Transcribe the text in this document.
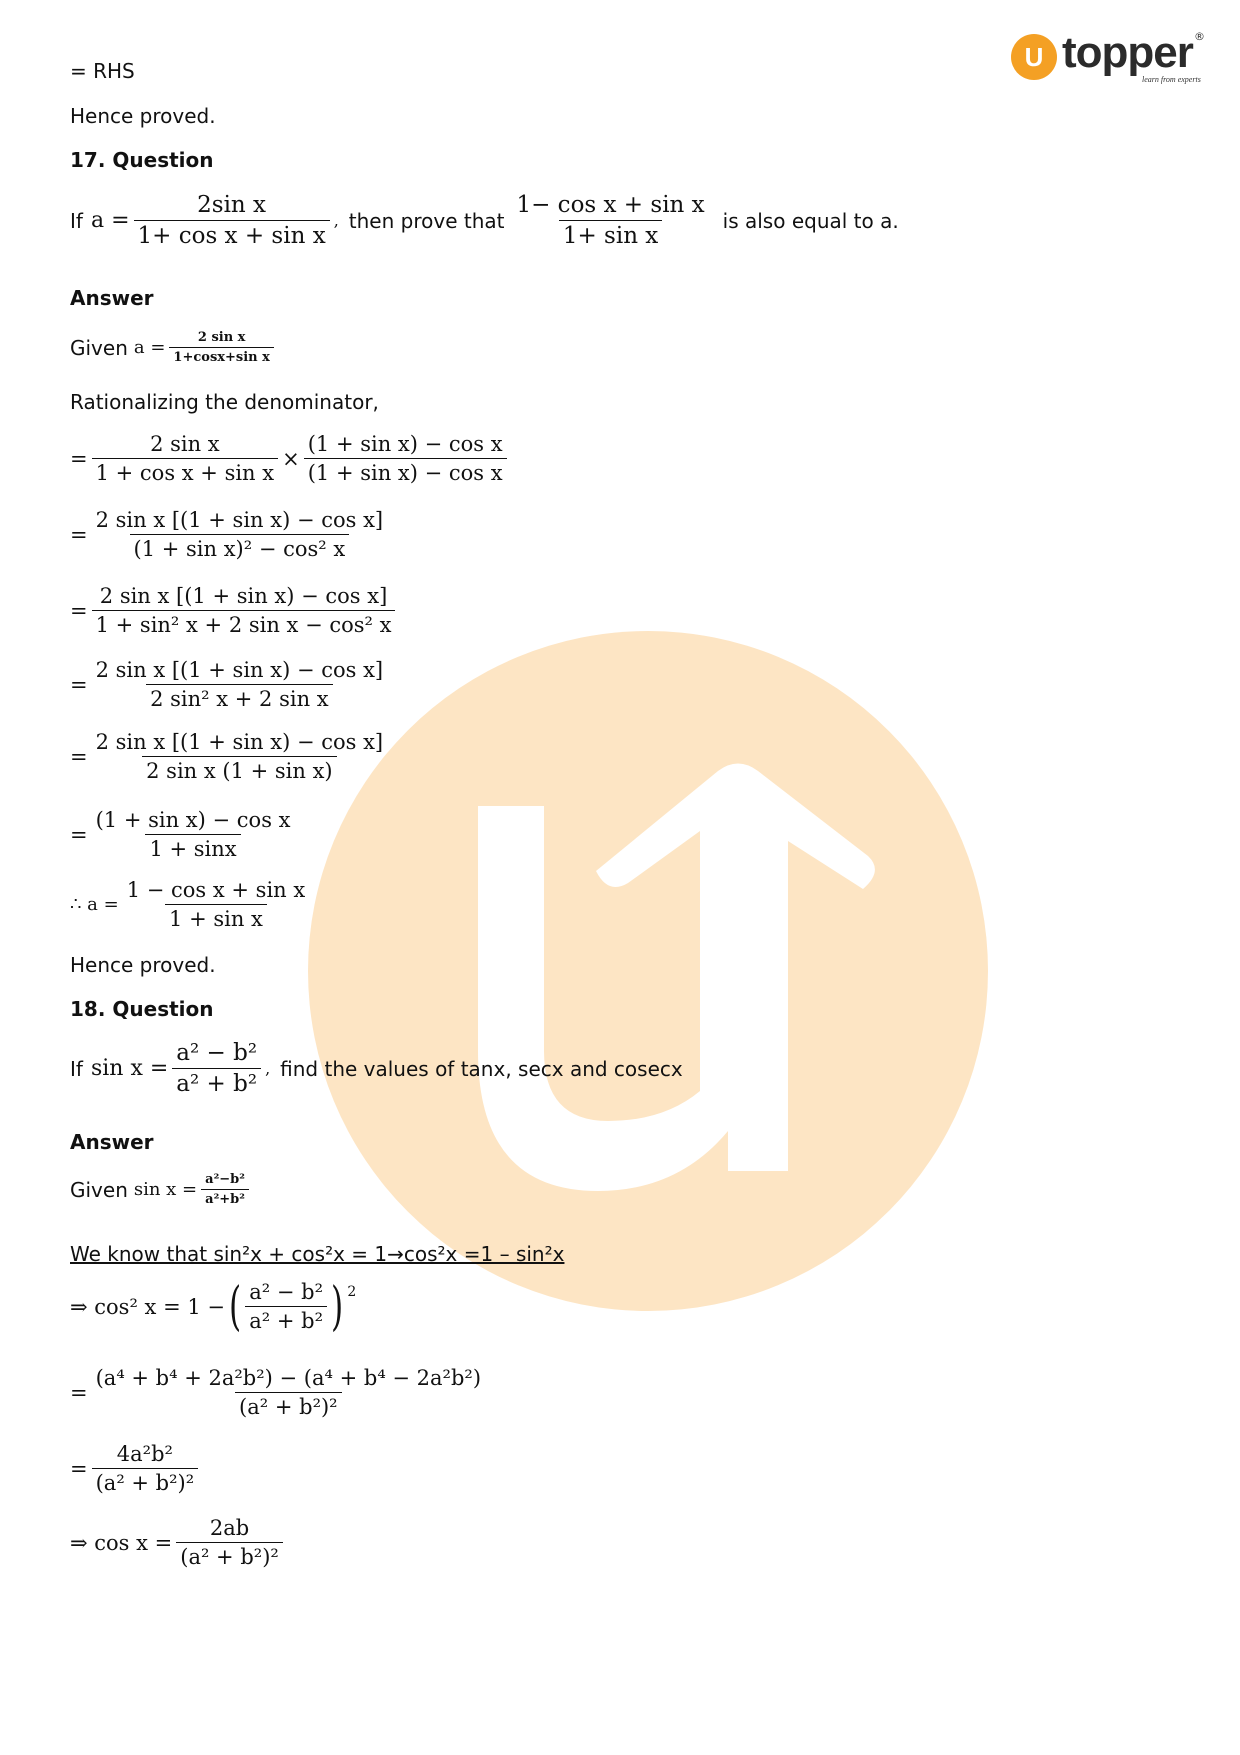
U topper ®
learn from experts
= RHS
Hence proved.
17. Question
If $a = \frac{\text{2sin x}}{\text{1+ cos x + sin x}}$ , then prove that $\frac{\text{1− cos x + sin x}}{\text{1+ sin x}}$ is also equal to a.
Answer
Given $a = \frac{\text{2 sin x}}{\text{1+cosx+sin x}}$
Rationalizing the denominator,
= $\frac{\text{2 sin x}}{\text{1 + cos x + sin x}} \times \frac{\text{(1 + sin x) − cos x}}{\text{(1 + sin x) − cos x}}$
= $\frac{\text{2 sin x [(1 + sin x) − cos x]}}{\text{(1 + sin x)² − cos² x}}$
= $\frac{\text{2 sin x [(1 + sin x) − cos x]}}{\text{1 + sin² x + 2 sin x − cos² x}}$
= $\frac{\text{2 sin x [(1 + sin x) − cos x]}}{\text{2 sin² x + 2 sin x}}$
= $\frac{\text{2 sin x [(1 + sin x) − cos x]}}{\text{2 sin x (1 + sin x)}}$
= $\frac{\text{(1 + sin x) − cos x}}{1 + \sin x}$
∴ $a = \frac{\text{1 − cos x + sin x}}{\text{1 + sin x}}$
Hence proved.
18. Question
If $\sin x = \frac{\text{a² − b²}}{\text{a² + b²}}$ , find the values of tanx, secx and cosecx
Answer
Given $\sin x = \frac{\text{a²−b²}}{\text{a²+b²}}$
We know that sin²x + cos²x = 1→cos²x =1 – sin²x
⇒ cos² x = 1 − ( $\frac{\text{a² − b²}}{\text{a² + b²}}$ ) 2
= $\frac{\text{(a⁴ + b⁴ + 2a²b²) − (a⁴ + b⁴ − 2a²b²)}}{\text{(a² + b²)²}}$
= $\frac{\text{4a²b²}}{\text{(a² + b²)²}}$
⇒ $\cos x = \frac{2ab}{\text{(a² + b²)²}}$
